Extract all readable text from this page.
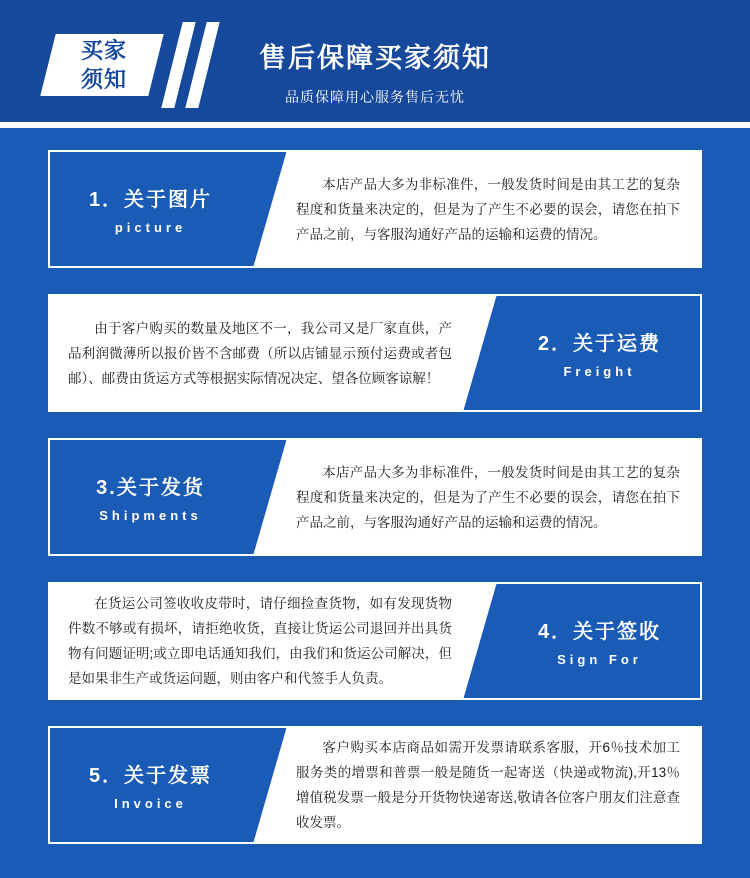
买家
须知
售后保障买家须知
品质保障用心服务售后无忧
1．关于图片
picture

本店产品大多为非标准件，一般发货时间是由其工艺的复杂程度和货量来决定的，但是为了产生不必要的误会，请您在拍下产品之前，与客服沟通好产品的运输和运费的情况。

2．关于运费
Freight

由于客户购买的数量及地区不一，我公司又是厂家直供，产品利润微薄所以报价皆不含邮费（所以店铺显示预付运费或者包邮）、邮费由货运方式等根据实际情况决定、望各位顾客谅解！

3.关于发货
Shipments

本店产品大多为非标准件，一般发货时间是由其工艺的复杂程度和货量来决定的，但是为了产生不必要的误会，请您在拍下产品之前，与客服沟通好产品的运输和运费的情况。

4．关于签收
Sign For

在货运公司签收收皮带时，请仔细捡查货物，如有发现货物件数不够或有损坏，请拒绝收货，直接让货运公司退回并出具货物有问题证明;或立即电话通知我们，由我们和货运公司解决，但是如果非生产或货运问题，则由客户和代签手人负责。

5．关于发票
Invoice

客户购买本店商品如需开发票请联系客服，开6％技术加工服务类的增票和普票一般是随货一起寄送（快递或物流),开13％增值税发票一般是分开货物快递寄送,敬请各位客户朋友们注意查收发票。
